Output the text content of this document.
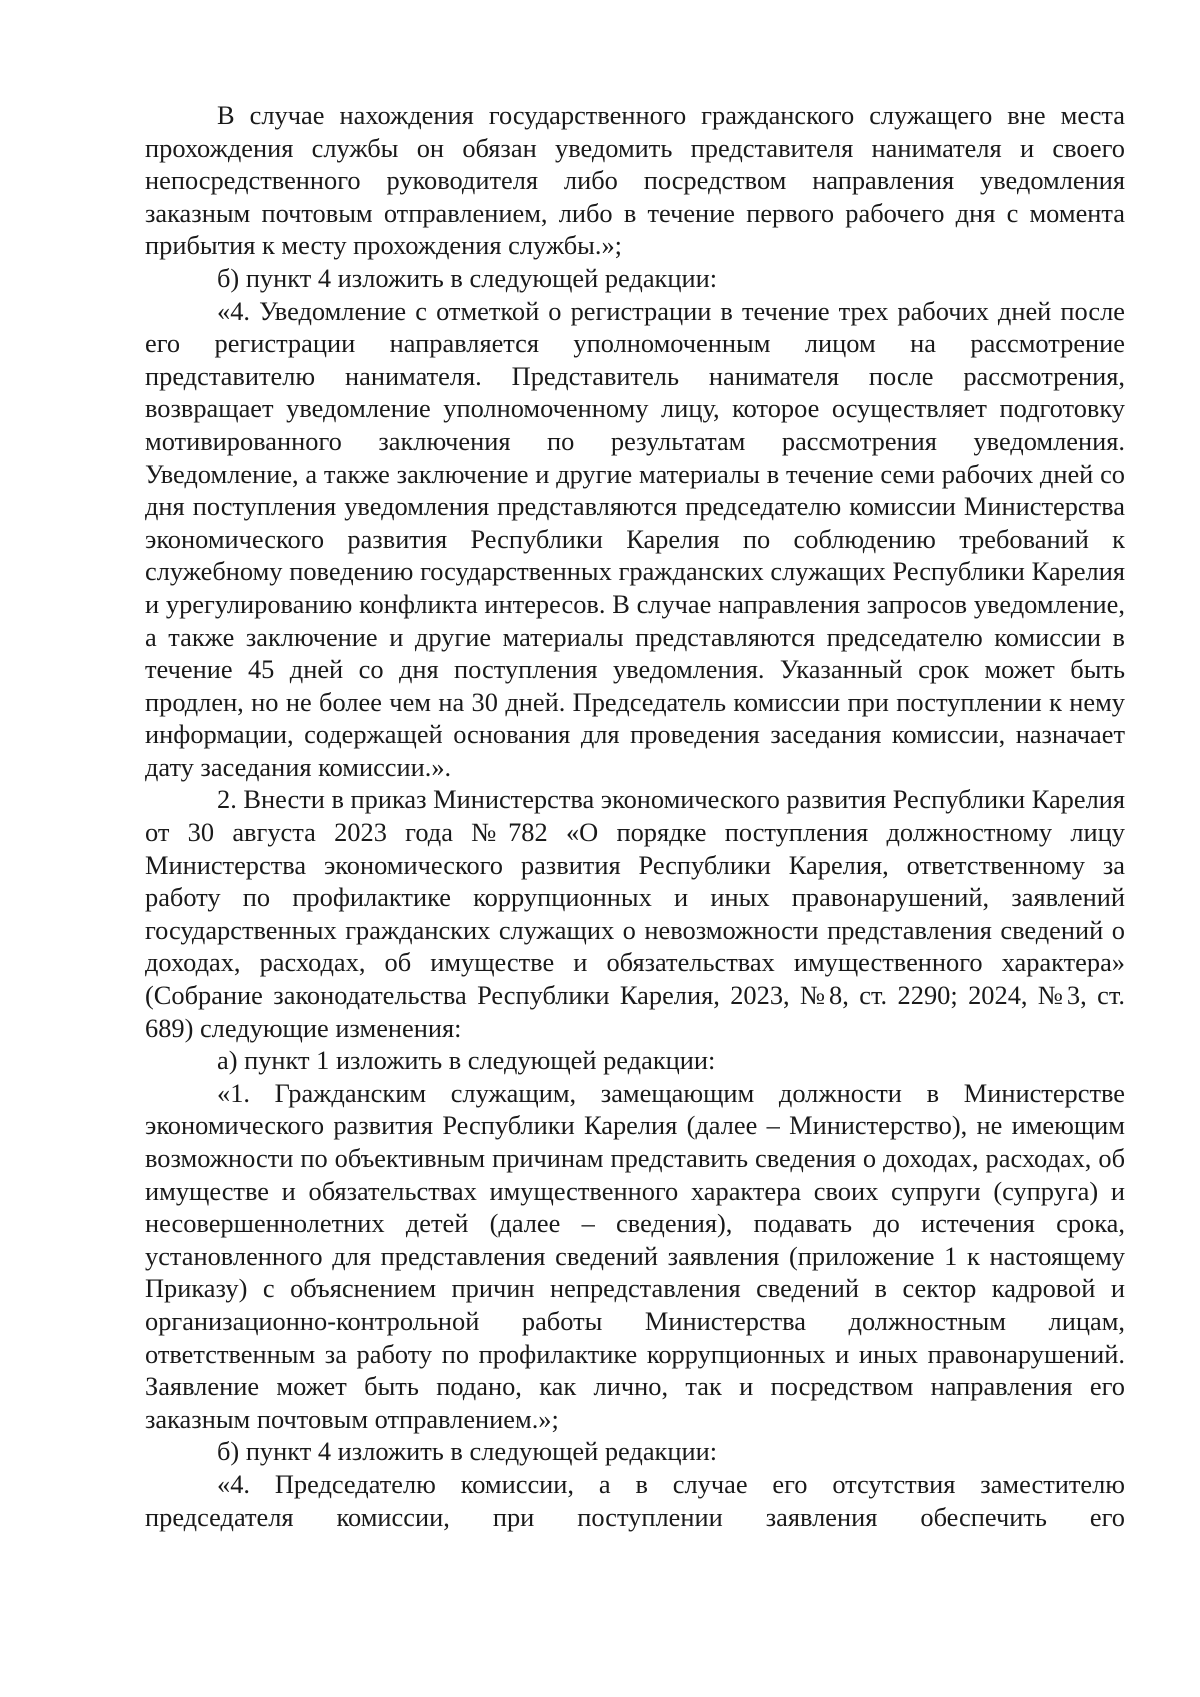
В случае нахождения государственного гражданского служащего вне места прохождения службы он обязан уведомить представителя нанимателя и своего непосредственного руководителя либо посредством направления уведомления заказным почтовым отправлением, либо в течение первого рабочего дня с момента прибытия к месту прохождения службы.»;

б) пункт 4 изложить в следующей редакции:

«4. Уведомление с отметкой о регистрации в течение трех рабочих дней после его регистрации направляется уполномоченным лицом на рассмотрение представителю нанимателя. Представитель нанимателя после рассмотрения, возвращает уведомление уполномоченному лицу, которое осуществляет подготовку мотивированного заключения по результатам рассмотрения уведомления. Уведомление, а также заключение и другие материалы в течение семи рабочих дней со дня поступления уведомления представляются председателю комиссии Министерства экономического развития Республики Карелия по соблюдению требований к служебному поведению государственных гражданских служащих Республики Карелия и урегулированию конфликта интересов. В случае направления запросов уведомление, а также заключение и другие материалы представляются председателю комиссии в течение 45 дней со дня поступления уведомления. Указанный срок может быть продлен, но не более чем на 30 дней. Председатель комиссии при поступлении к нему информации, содержащей основания для проведения заседания комиссии, назначает дату заседания комиссии.».

2. Внести в приказ Министерства экономического развития Республики Карелия от 30 августа 2023 года №782 «О порядке поступления должностному лицу Министерства экономического развития Республики Карелия, ответственному за работу по профилактике коррупционных и иных правонарушений, заявлений государственных гражданских служащих о невозможности представления сведений о доходах, расходах, об имуществе и обязательствах имущественного характера» (Собрание законодательства Республики Карелия, 2023, №8, ст. 2290; 2024, №3, ст. 689) следующие изменения:

а) пункт 1 изложить в следующей редакции:

«1. Гражданским служащим, замещающим должности в Министерстве экономического развития Республики Карелия (далее – Министерство), не имеющим возможности по объективным причинам представить сведения о доходах, расходах, об имуществе и обязательствах имущественного характера своих супруги (супруга) и несовершеннолетних детей (далее – сведения), подавать до истечения срока, установленного для представления сведений заявления (приложение 1 к настоящему Приказу) с объяснением причин непредставления сведений в сектор кадровой и организационно-контрольной работы Министерства должностным лицам, ответственным за работу по профилактике коррупционных и иных правонарушений. Заявление может быть подано, как лично, так и посредством направления его заказным почтовым отправлением.»;

б) пункт 4 изложить в следующей редакции:

«4. Председателю комиссии, а в случае его отсутствия заместителю председателя комиссии, при поступлении заявления обеспечить его
